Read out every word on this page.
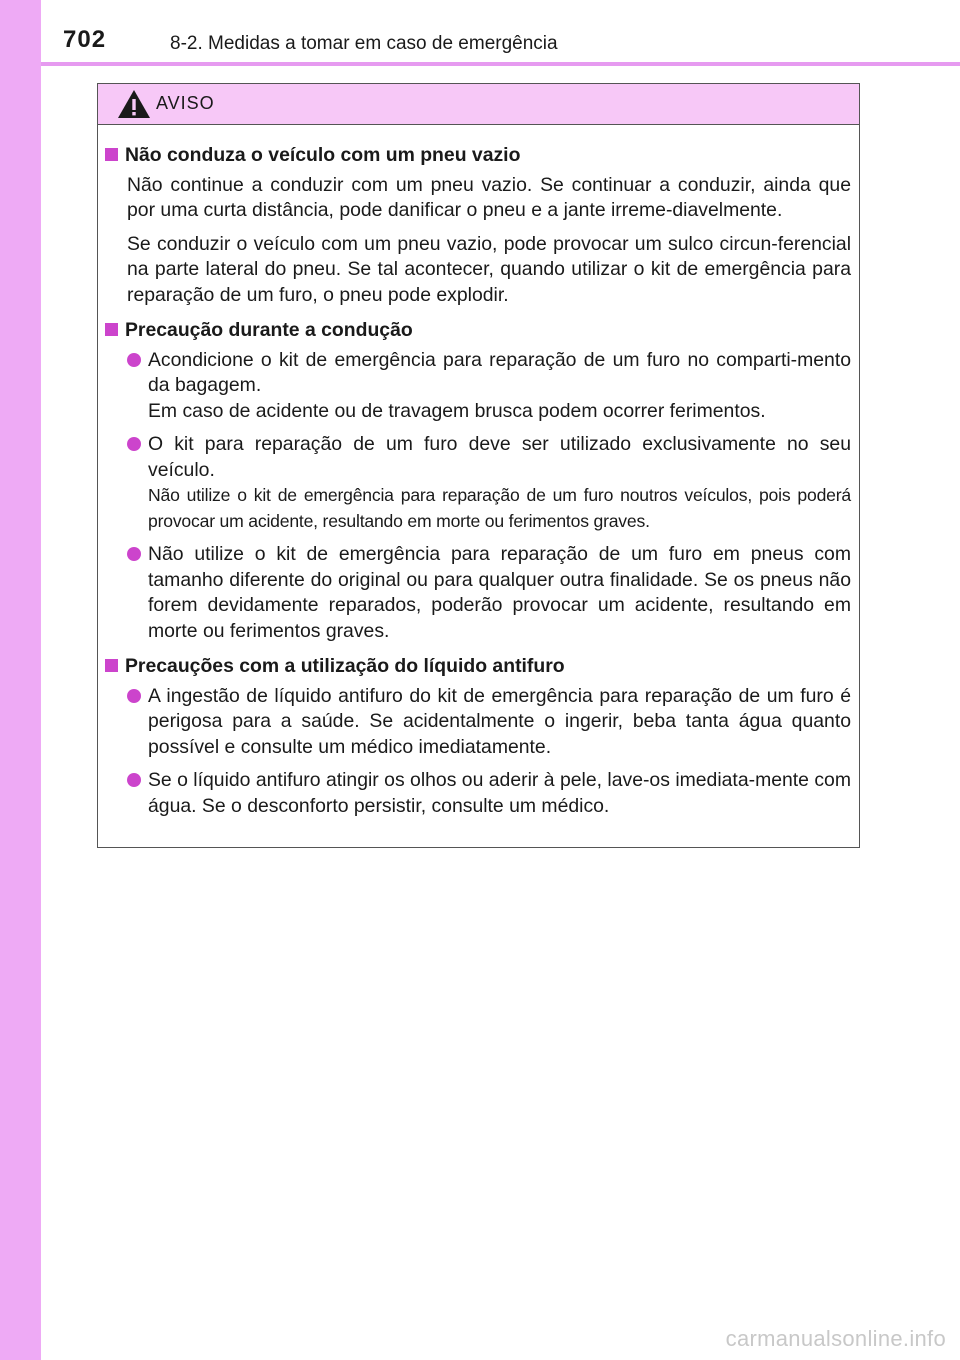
702	8-2. Medidas a tomar em caso de emergência
AVISO
Não conduza o veículo com um pneu vazio

Não continue a conduzir com um pneu vazio. Se continuar a conduzir, ainda que por uma curta distância, pode danificar o pneu e a jante irreme-diavelmente.

Se conduzir o veículo com um pneu vazio, pode provocar um sulco circun-ferencial na parte lateral do pneu. Se tal acontecer, quando utilizar o kit de emergência para reparação de um furo, o pneu pode explodir.

Precaução durante a condução
Acondicione o kit de emergência para reparação de um furo no comparti-mento da bagagem.
Em caso de acidente ou de travagem brusca podem ocorrer ferimentos.
O kit para reparação de um furo deve ser utilizado exclusivamente no seu veículo.
Não utilize o kit de emergência para reparação de um furo noutros veículos, pois poderá provocar um acidente, resultando em morte ou ferimentos graves.
Não utilize o kit de emergência para reparação de um furo em pneus com tamanho diferente do original ou para qualquer outra finalidade. Se os pneus não forem devidamente reparados, poderão provocar um acidente, resultando em morte ou ferimentos graves.
Precauções com a utilização do líquido antifuro
A ingestão de líquido antifuro do kit de emergência para reparação de um furo é perigosa para a saúde. Se acidentalmente o ingerir, beba tanta água quanto possível e consulte um médico imediatamente.
Se o líquido antifuro atingir os olhos ou aderir à pele, lave-os imediata-mente com água. Se o desconforto persistir, consulte um médico.
carmanualsonline.info
